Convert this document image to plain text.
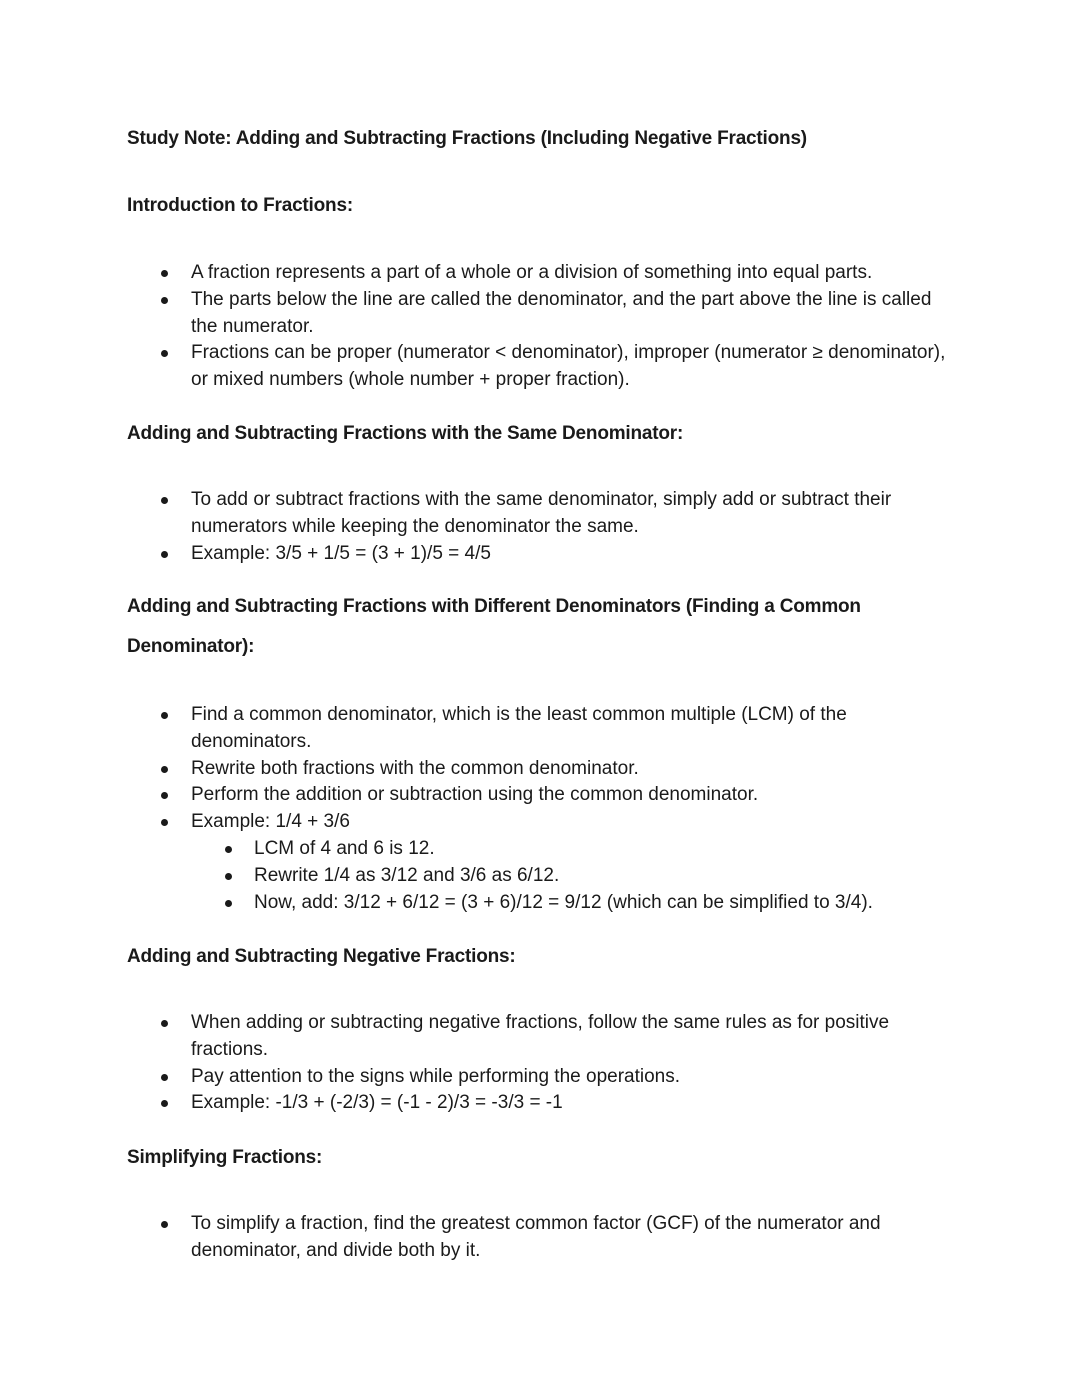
Study Note: Adding and Subtracting Fractions (Including Negative Fractions)
Introduction to Fractions:
A fraction represents a part of a whole or a division of something into equal parts.
The parts below the line are called the denominator, and the part above the line is called the numerator.
Fractions can be proper (numerator < denominator), improper (numerator ≥ denominator), or mixed numbers (whole number + proper fraction).
Adding and Subtracting Fractions with the Same Denominator:
To add or subtract fractions with the same denominator, simply add or subtract their numerators while keeping the denominator the same.
Example: 3/5 + 1/5 = (3 + 1)/5 = 4/5
Adding and Subtracting Fractions with Different Denominators (Finding a Common Denominator):
Find a common denominator, which is the least common multiple (LCM) of the denominators.
Rewrite both fractions with the common denominator.
Perform the addition or subtraction using the common denominator.
Example: 1/4 + 3/6
LCM of 4 and 6 is 12.
Rewrite 1/4 as 3/12 and 3/6 as 6/12.
Now, add: 3/12 + 6/12 = (3 + 6)/12 = 9/12 (which can be simplified to 3/4).
Adding and Subtracting Negative Fractions:
When adding or subtracting negative fractions, follow the same rules as for positive fractions.
Pay attention to the signs while performing the operations.
Example: -1/3 + (-2/3) = (-1 - 2)/3 = -3/3 = -1
Simplifying Fractions:
To simplify a fraction, find the greatest common factor (GCF) of the numerator and denominator, and divide both by it.
